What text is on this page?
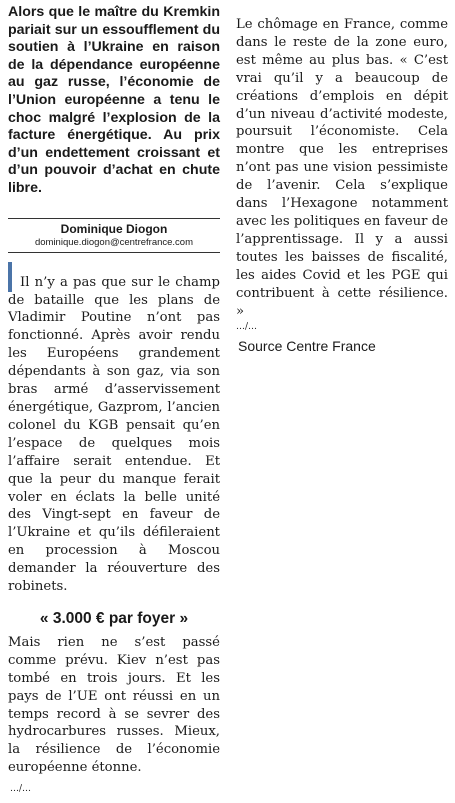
Alors que le maître du Kremkin pariait sur un essoufflement du soutien à l’Ukraine en raison de la dépendance européenne au gaz russe, l’économie de l’Union européenne a tenu le choc malgré l’explosion de la facture énergétique. Au prix d’un endettement croissant et d’un pouvoir d’achat en chute libre.

Dominique Diogon

dominique.diogon@centrefrance.com

Il n’y a pas que sur le champ de bataille que les plans de Vladimir Poutine n’ont pas fonctionné. Après avoir rendu les Européens grandement dépendants à son gaz, via son bras armé d’asservissement énergétique, Gazprom, l’ancien colonel du KGB pensait qu’en l’espace de quelques mois l’affaire serait entendue. Et que la peur du manque ferait voler en éclats la belle unité des Vingt-sept en faveur de l’Ukraine et qu’ils défileraient en procession à Moscou demander la réouverture des robinets.

« 3.000 € par foyer »

Mais rien ne s’est passé comme prévu. Kiev n’est pas tombé en trois jours. Et les pays de l’UE ont réussi en un temps record à se sevrer des hydrocarbures russes. Mieux, la résilience de l’économie européenne étonne.

Le chômage en France, comme dans le reste de la zone euro, est même au plus bas. « C’est vrai qu’il y a beaucoup de créations d’emplois en dépit d’un niveau d’activité modeste, poursuit l’économiste. Cela montre que les entreprises n’ont pas une vision pessimiste de l’avenir. Cela s’explique dans l’Hexagone notamment avec les politiques en faveur de l’apprentissage. Il y a aussi toutes les baisses de fiscalité, les aides Covid et les PGE qui contribuent à cette résilience. »

…/…

Source Centre France

…/…
